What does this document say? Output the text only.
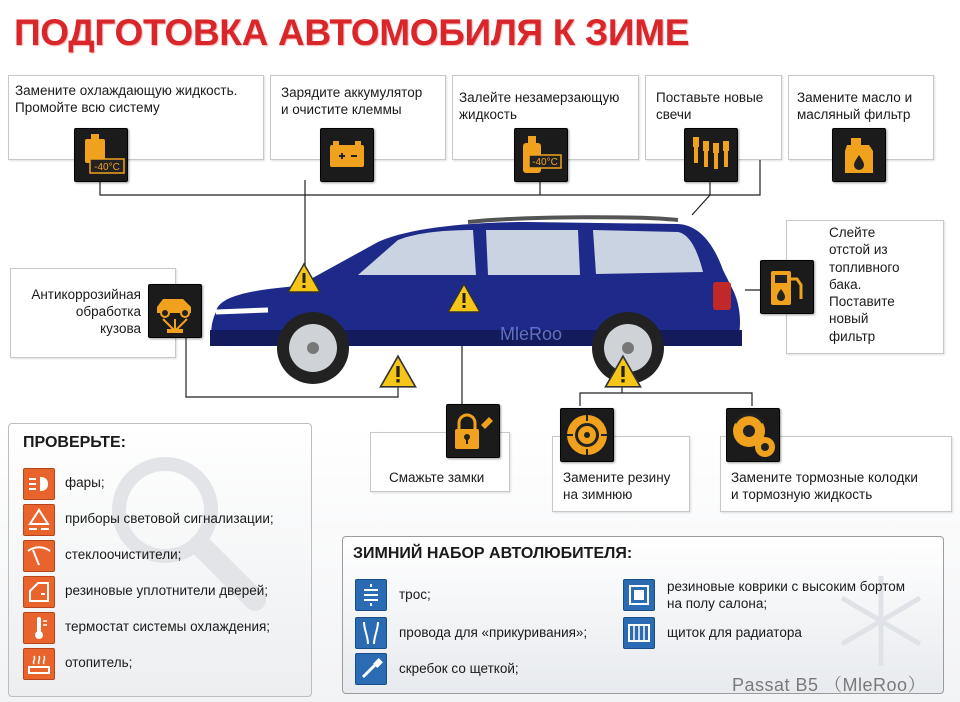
ПОДГОТОВКА АВТОМОБИЛЯ К ЗИМЕ
Замените охлаждающую жидкость.
Промойте всю систему
-40°C
Зарядите аккумулятор
и очистите клеммы
Залейте незамерзающую
жидкость
-40°C
Поставьте новые
свечи
Замените масло и
масляный фильтр
Антикоррозийная
обработка
кузова	MleRoo
Слейте
отстой из
топливного
бака.
Поставите
новый
фильтр
Смажьте замки	Замените резину
на зимнюю
Замените тормозные колодки
и тормозную жидкость
ПРОВЕРЬТЕ:
фары;
приборы световой сигнализации;
стеклоочистители;
резиновые уплотнители дверей;
термостат системы охлаждения;
отопитель;
ЗИМНИЙ НАБОР АВТОЛЮБИТЕЛЯ:
трос;
провода для «прикуривания»;
скребок со щеткой;
резиновые коврики с высоким бортом
на полу салона;
щиток для радиатора
Passat B5 （MleRoo）
